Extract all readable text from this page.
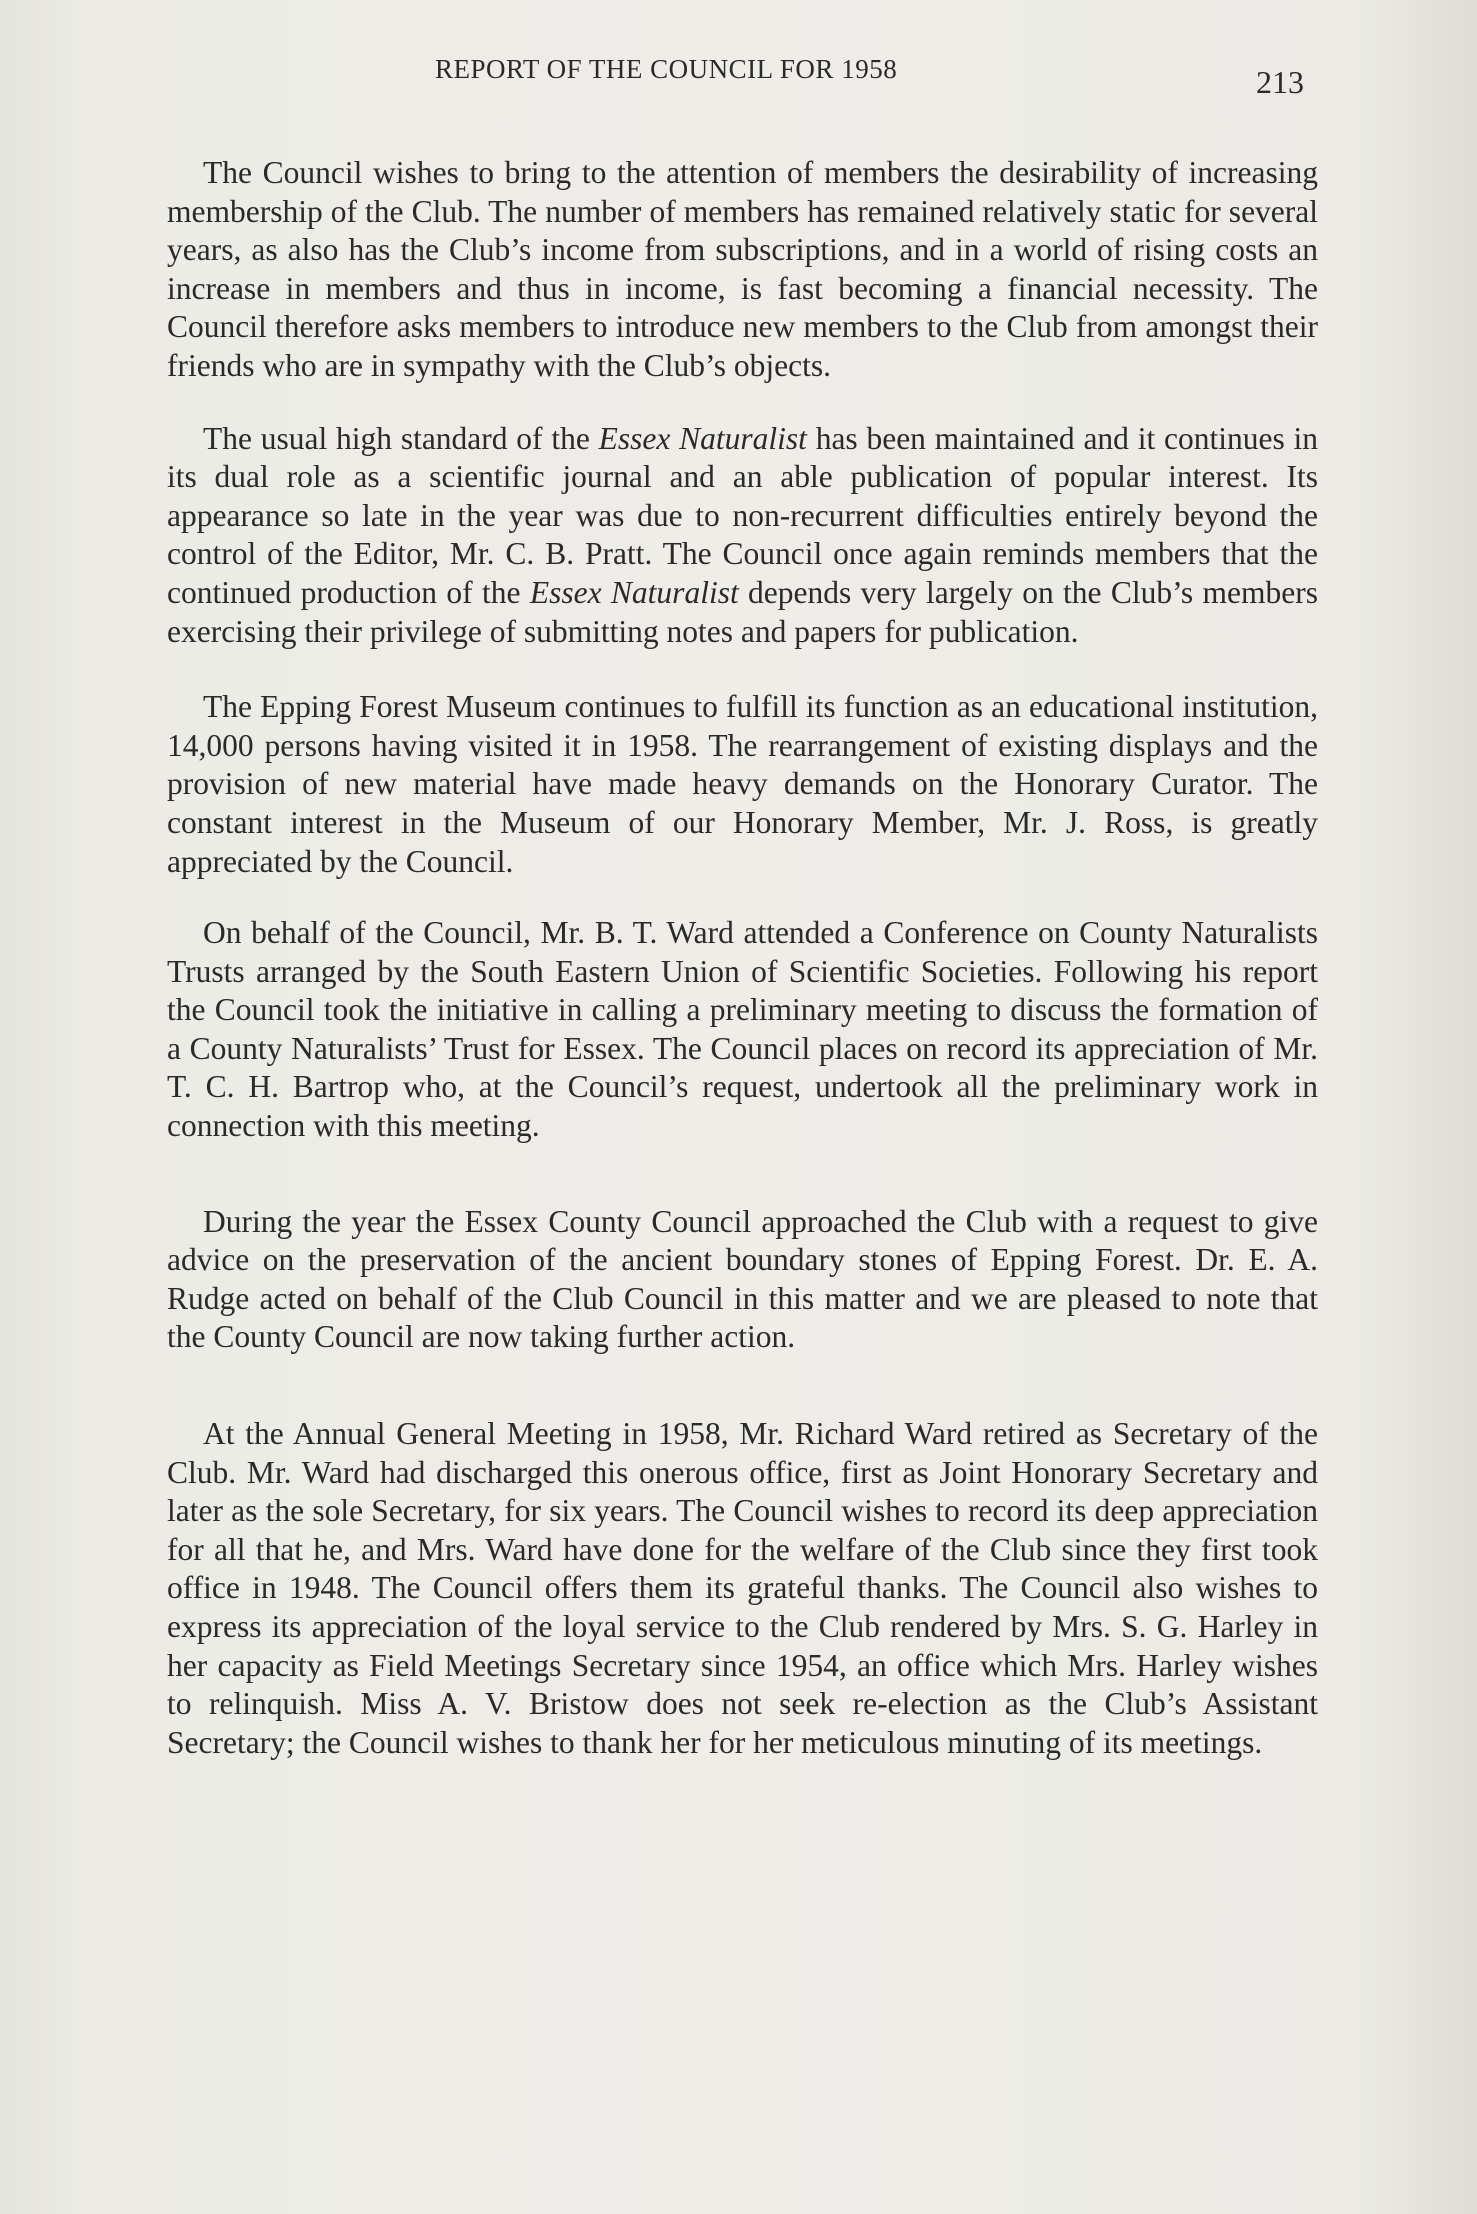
REPORT OF THE COUNCIL FOR 1958	213

The Council wishes to bring to the attention of members the desirability of increasing membership of the Club. The number of members has remained relatively static for several years, as also has the Club’s income from subscriptions, and in a world of rising costs an increase in members and thus in income, is fast becoming a financial necessity. The Council therefore asks members to introduce new members to the Club from amongst their friends who are in sympathy with the Club’s objects.

The usual high standard of the Essex Naturalist has been maintained and it continues in its dual role as a scientific journal and an able publication of popular interest. Its appearance so late in the year was due to non-recurrent difficulties entirely beyond the control of the Editor, Mr. C. B. Pratt. The Council once again reminds members that the continued production of the Essex Naturalist depends very largely on the Club’s members exercising their privilege of submitting notes and papers for publication.

The Epping Forest Museum continues to fulfill its function as an educational institution, 14,000 persons having visited it in 1958. The rearrangement of existing displays and the provision of new material have made heavy demands on the Honorary Curator. The constant interest in the Museum of our Honorary Member, Mr. J. Ross, is greatly appreciated by the Council.

On behalf of the Council, Mr. B. T. Ward attended a Conference on County Naturalists Trusts arranged by the South Eastern Union of Scientific Societies. Following his report the Council took the initiative in calling a preliminary meeting to discuss the formation of a County Naturalists’ Trust for Essex. The Council places on record its appreciation of Mr. T. C. H. Bartrop who, at the Council’s request, undertook all the preliminary work in connection with this meeting.

During the year the Essex County Council approached the Club with a request to give advice on the preservation of the ancient boundary stones of Epping Forest. Dr. E. A. Rudge acted on behalf of the Club Council in this matter and we are pleased to note that the County Council are now taking further action.

At the Annual General Meeting in 1958, Mr. Richard Ward retired as Secretary of the Club. Mr. Ward had discharged this onerous office, first as Joint Honorary Secretary and later as the sole Secretary, for six years. The Council wishes to record its deep appreciation for all that he, and Mrs. Ward have done for the welfare of the Club since they first took office in 1948. The Council offers them its grateful thanks. The Council also wishes to express its appreciation of the loyal service to the Club rendered by Mrs. S. G. Harley in her capacity as Field Meetings Secretary since 1954, an office which Mrs. Harley wishes to relinquish. Miss A. V. Bristow does not seek re-election as the Club’s Assistant Secretary; the Council wishes to thank her for her meticulous minuting of its meetings.
